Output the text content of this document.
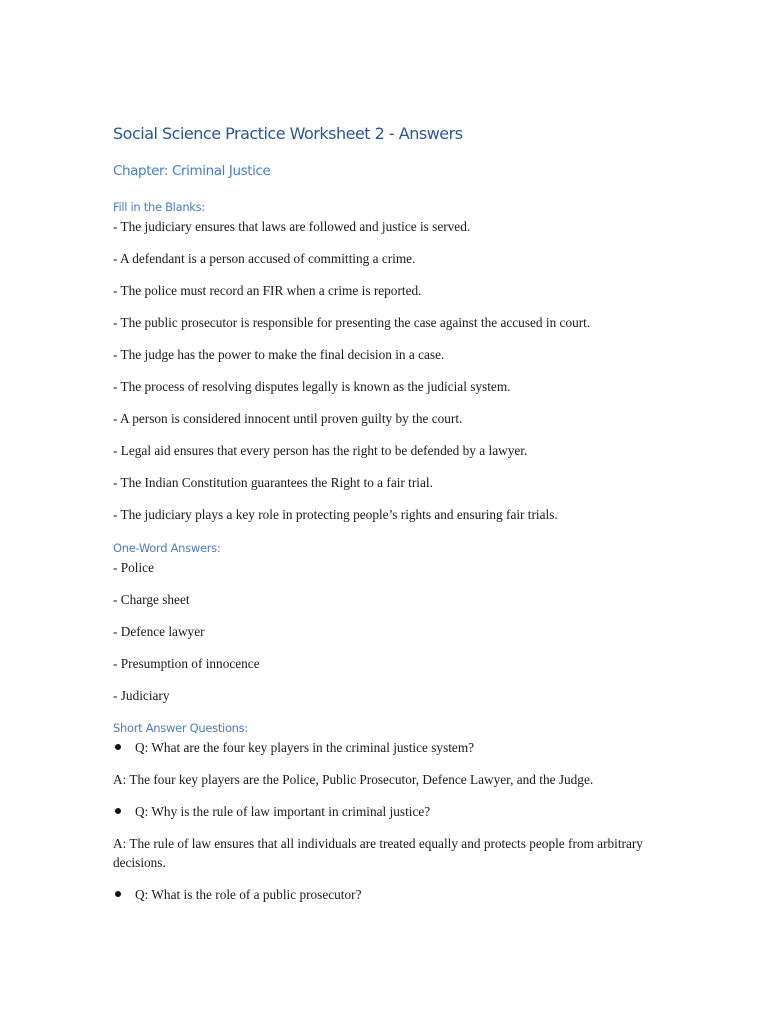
Social Science Practice Worksheet 2 - Answers
Chapter: Criminal Justice
Fill in the Blanks:

- The judiciary ensures that laws are followed and justice is served.

- A defendant is a person accused of committing a crime.

- The police must record an FIR when a crime is reported.

- The public prosecutor is responsible for presenting the case against the accused in court.

- The judge has the power to make the final decision in a case.

- The process of resolving disputes legally is known as the judicial system.

- A person is considered innocent until proven guilty by the court.

- Legal aid ensures that every person has the right to be defended by a lawyer.

- The Indian Constitution guarantees the Right to a fair trial.

- The judiciary plays a key role in protecting people’s rights and ensuring fair trials.

One-Word Answers:

- Police

- Charge sheet

- Defence lawyer

- Presumption of innocence

- Judiciary

Short Answer Questions:
Q: What are the four key players in the criminal justice system?

A: The four key players are the Police, Public Prosecutor, Defence Lawyer, and the Judge.

Q: Why is the rule of law important in criminal justice?

A: The rule of law ensures that all individuals are treated equally and protects people from arbitrary decisions.

Q: What is the role of a public prosecutor?
